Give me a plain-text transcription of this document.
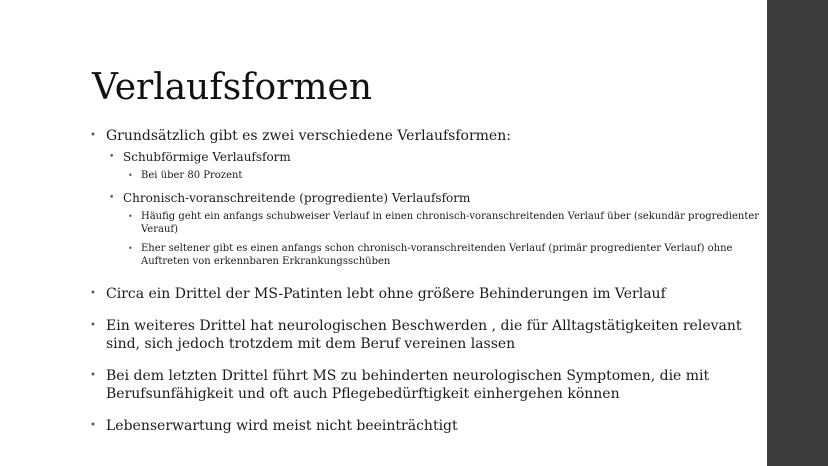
Verlaufsformen
• Grundsätzlich gibt es zwei verschiedene Verlaufsformen:
• Schubförmige Verlaufsform
• Bei über 80 Prozent
• Chronisch-voranschreitende (progrediente) Verlaufsform
• Häufig geht ein anfangs schubweiser Verlauf in einen chronisch-voranschreitenden Verlauf über (sekundär progredienter Verauf)
• Eher seltener gibt es einen anfangs schon chronisch-voranschreitenden Verlauf (primär progredienter Verlauf) ohne Auftreten von erkennbaren Erkrankungsschüben
• Circa ein Drittel der MS-Patinten lebt ohne größere Behinderungen im Verlauf
• Ein weiteres Drittel hat neurologischen Beschwerden , die für Alltagstätigkeiten relevant sind, sich jedoch trotzdem mit dem Beruf vereinen lassen
• Bei dem letzten Drittel führt MS zu behinderten neurologischen Symptomen, die mit Berufsunfähigkeit und oft auch Pflegebedürftigkeit einhergehen können
• Lebenserwartung wird meist nicht beeinträchtigt
